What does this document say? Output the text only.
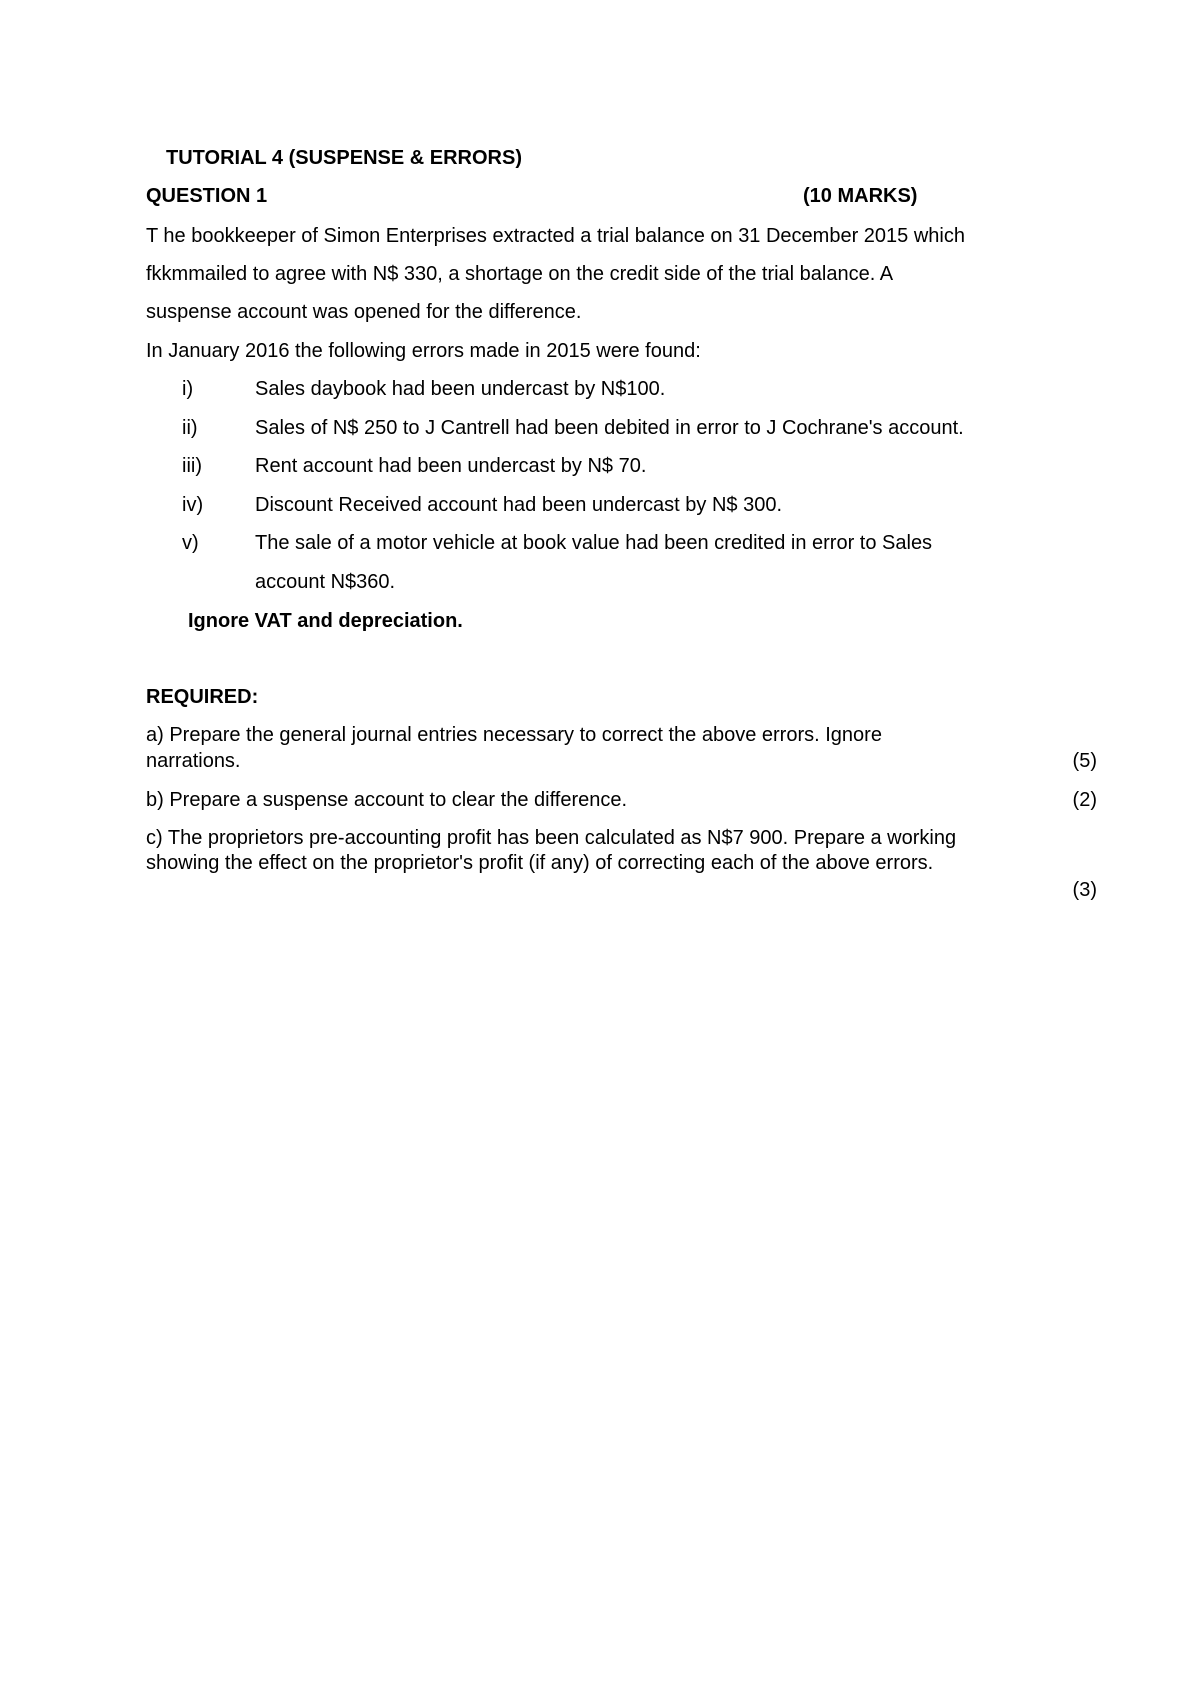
TUTORIAL 4 (SUSPENSE & ERRORS)
QUESTION 1	(10 MARKS)
T he bookkeeper of Simon Enterprises extracted a trial balance on 31 December 2015 which
fkkmmailed to agree with N$ 330, a shortage on the credit side of the trial balance. A
suspense account was opened for the difference.
In January 2016 the following errors made in 2015 were found:
i)	Sales daybook had been undercast by N$100.
ii)	Sales of N$ 250 to J Cantrell had been debited in error to J Cochrane's account.
iii)	Rent account had been undercast by N$ 70.
iv)	Discount Received account had been undercast by N$ 300.
v)	The sale of a motor vehicle at book value had been credited in error to Sales
account N$360.
Ignore VAT and depreciation.
REQUIRED:
a) Prepare the general journal entries necessary to correct the above errors. Ignore
narrations.	(5)
b) Prepare a suspense account to clear the difference.	(2)
c) The proprietors pre-accounting profit has been calculated as N$7 900. Prepare a working
showing the effect on the proprietor's profit (if any) of correcting each of the above errors.
(3)
